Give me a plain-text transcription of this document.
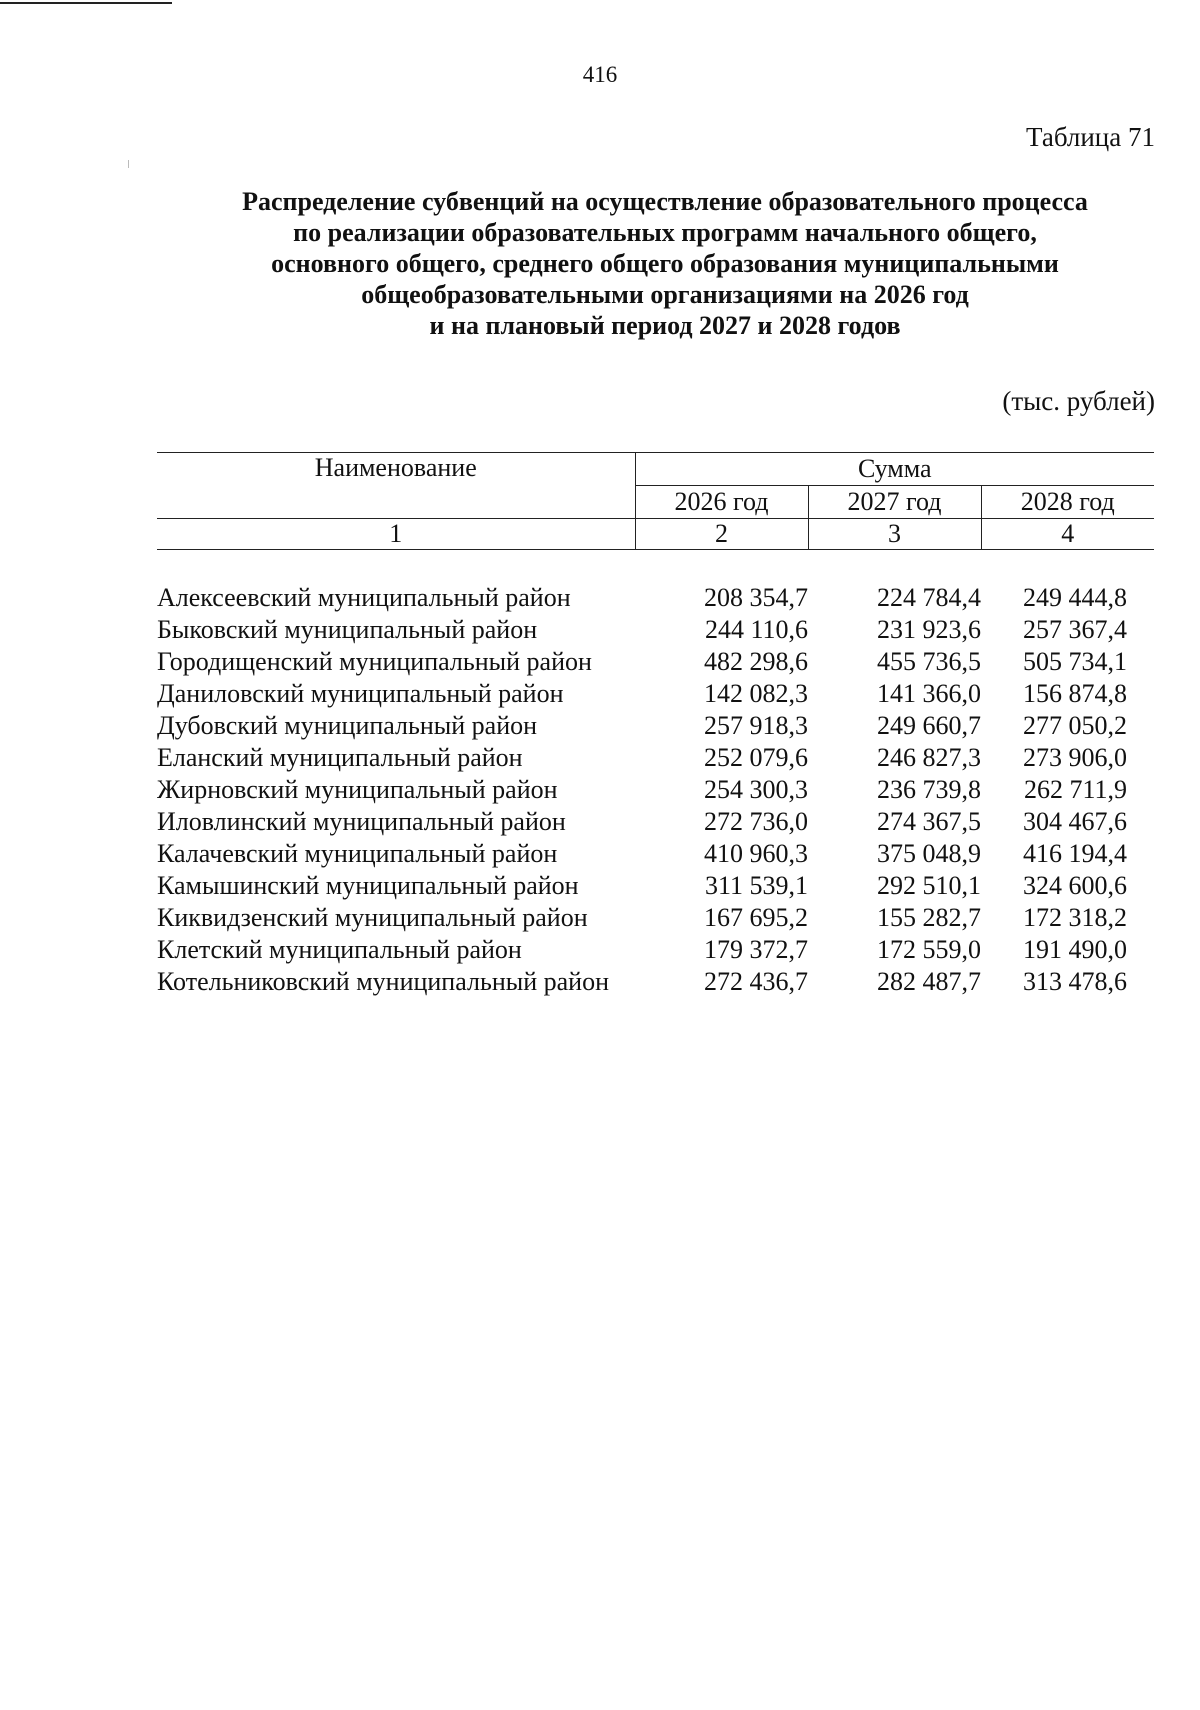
416
Таблица 71
Распределение субвенций на осуществление образовательного процесса
по реализации образовательных программ начального общего,
основного общего, среднего общего образования муниципальными
общеобразовательными организациями на 2026 год
и на плановый период 2027 и 2028 годов
(тыс. рублей)
Наименование	Сумма		
	2026 год	2027 год	2028 год
1	2	3	4

Алексеевский муниципальный район	208 354,7	224 784,4	249 444,8
Быковский муниципальный район	244 110,6	231 923,6	257 367,4
Городищенский муниципальный район	482 298,6	455 736,5	505 734,1
Даниловский муниципальный район	142 082,3	141 366,0	156 874,8
Дубовский муниципальный район	257 918,3	249 660,7	277 050,2
Еланский муниципальный район	252 079,6	246 827,3	273 906,0
Жирновский муниципальный район	254 300,3	236 739,8	262 711,9
Иловлинский муниципальный район	272 736,0	274 367,5	304 467,6
Калачевский муниципальный район	410 960,3	375 048,9	416 194,4
Камышинский муниципальный район	311 539,1	292 510,1	324 600,6
Киквидзенский муниципальный район	167 695,2	155 282,7	172 318,2
Клетский муниципальный район	179 372,7	172 559,0	191 490,0
Котельниковский муниципальный район	272 436,7	282 487,7	313 478,6
